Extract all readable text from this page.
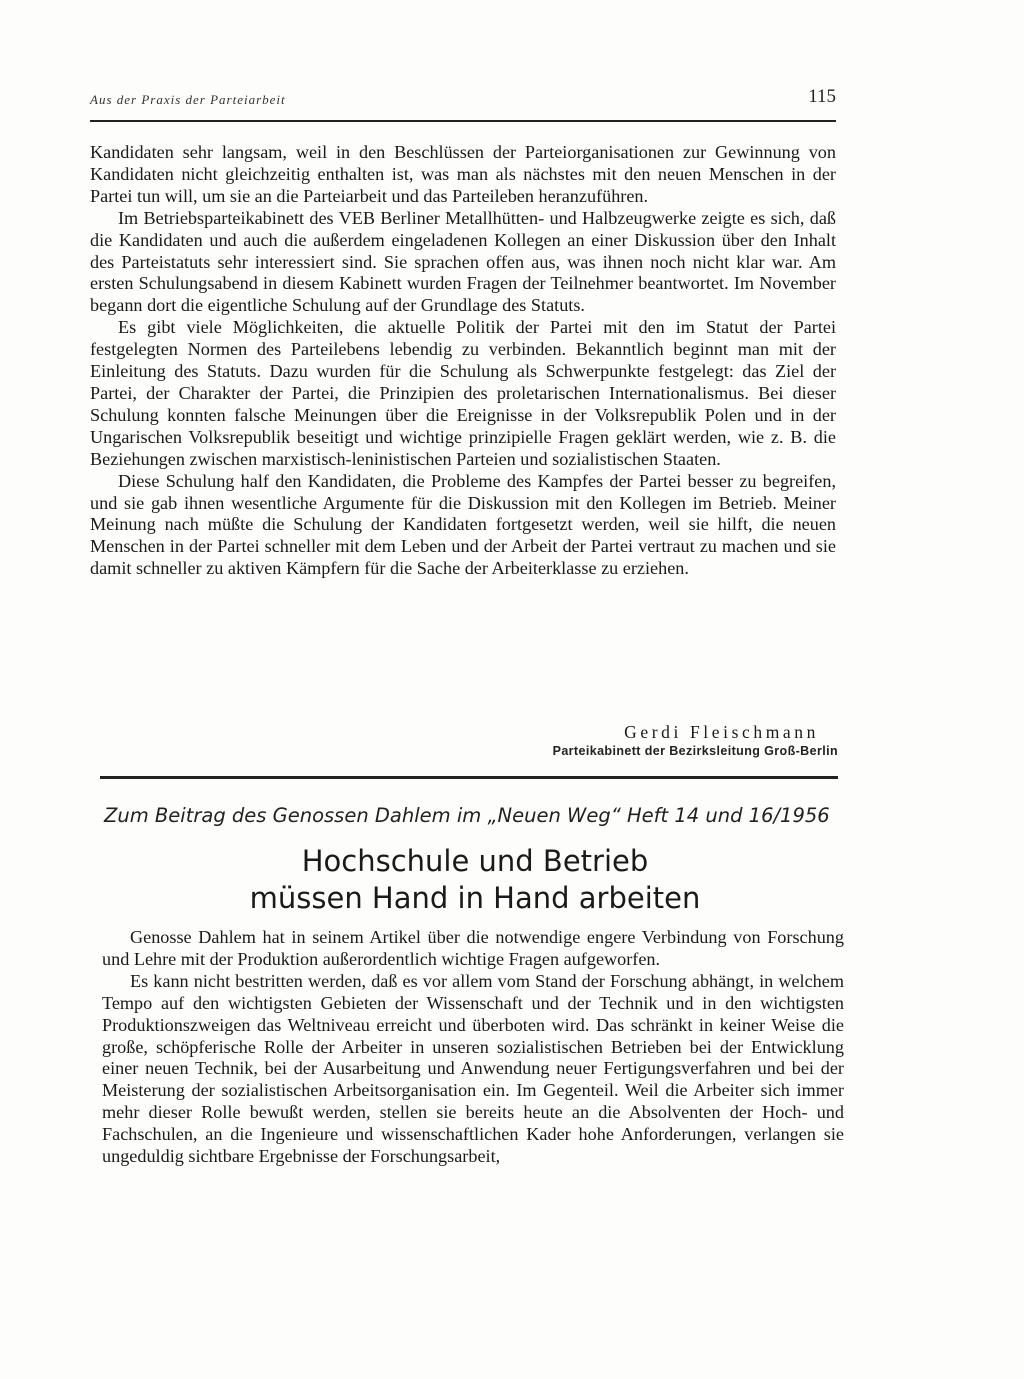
Aus der Praxis der Parteiarbeit	115

Kandidaten sehr langsam, weil in den Beschlüssen der Parteiorganisationen zur Gewinnung von Kandidaten nicht gleichzeitig enthalten ist, was man als nächstes mit den neuen Menschen in der Partei tun will, um sie an die Parteiarbeit und das Parteileben heranzuführen.

Im Betriebsparteikabinett des VEB Berliner Metallhütten- und Halbzeugwerke zeigte es sich, daß die Kandidaten und auch die außerdem eingeladenen Kollegen an einer Diskussion über den Inhalt des Parteistatuts sehr interessiert sind. Sie sprachen offen aus, was ihnen noch nicht klar war. Am ersten Schulungsabend in diesem Kabinett wurden Fragen der Teilnehmer beantwortet. Im November begann dort die eigentliche Schulung auf der Grundlage des Statuts.

Es gibt viele Möglichkeiten, die aktuelle Politik der Partei mit den im Statut der Partei festgelegten Normen des Parteilebens lebendig zu verbinden. Bekanntlich beginnt man mit der Einleitung des Statuts. Dazu wurden für die Schulung als Schwerpunkte festgelegt: das Ziel der Partei, der Charakter der Partei, die Prinzipien des proletarischen Internationalismus. Bei dieser Schulung konnten falsche Meinungen über die Ereignisse in der Volksrepublik Polen und in der Ungarischen Volksrepublik beseitigt und wichtige prinzipielle Fragen geklärt werden, wie z. B. die Beziehungen zwischen marxistisch-leninistischen Parteien und sozialistischen Staaten.

Diese Schulung half den Kandidaten, die Probleme des Kampfes der Partei besser zu begreifen, und sie gab ihnen wesentliche Argumente für die Diskussion mit den Kollegen im Betrieb. Meiner Meinung nach müßte die Schulung der Kandidaten fortgesetzt werden, weil sie hilft, die neuen Menschen in der Partei schneller mit dem Leben und der Arbeit der Partei vertraut zu machen und sie damit schneller zu aktiven Kämpfern für die Sache der Arbeiterklasse zu erziehen.

Gerdi Fleischmann
Parteikabinett der Bezirksleitung Groß-Berlin
Zum Beitrag des Genossen Dahlem im „Neuen Weg“ Heft 14 und 16/1956
Hochschule und Betrieb
müssen Hand in Hand arbeiten

Genosse Dahlem hat in seinem Artikel über die notwendige engere Verbindung von Forschung und Lehre mit der Produktion außerordentlich wichtige Fragen aufgeworfen.

Es kann nicht bestritten werden, daß es vor allem vom Stand der Forschung abhängt, in welchem Tempo auf den wichtigsten Gebieten der Wissenschaft und der Technik und in den wichtigsten Produktionszweigen das Weltniveau erreicht und überboten wird. Das schränkt in keiner Weise die große, schöpferische Rolle der Arbeiter in unseren sozialistischen Betrieben bei der Entwicklung einer neuen Technik, bei der Ausarbeitung und Anwendung neuer Fertigungsverfahren und bei der Meisterung der sozialistischen Arbeitsorganisation ein. Im Gegenteil. Weil die Arbeiter sich immer mehr dieser Rolle bewußt werden, stellen sie bereits heute an die Absolventen der Hoch- und Fachschulen, an die Ingenieure und wissenschaftlichen Kader hohe Anforderungen, verlangen sie ungeduldig sichtbare Ergebnisse der Forschungsarbeit,
